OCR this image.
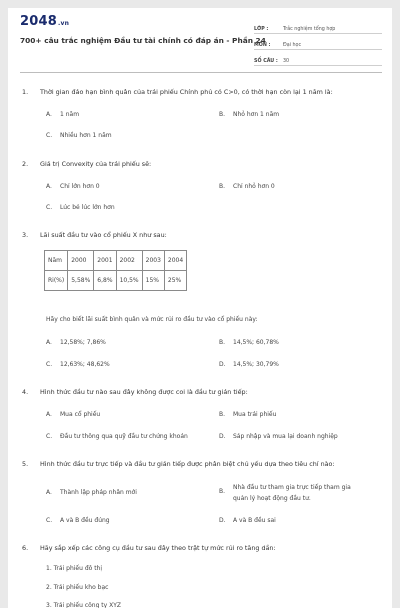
2048.vn
700+ câu trắc nghiệm Đầu tư tài chính có đáp án - Phần 24
LỚP :	Trắc nghiệm tổng hợp
MÔN :	Đại học
SỐ CÂU :	30
1. Thời gian đáo hạn bình quân của trái phiếu Chính phủ có C>0, có thời hạn còn lại 1 năm là:
A. 1 năm	B. Nhỏ hơn 1 năm
C. Nhiều hơn 1 năm
2. Giá trị Convexity của trái phiếu sẽ:
A. Chỉ lớn hơn 0	B. Chỉ nhỏ hơn 0
C. Lúc bé lúc lớn hơn
3. Lãi suất đầu tư vào cổ phiếu X như sau:
Năm	2000	2001	2002	2003	2004
Ri(%)	5,58%	6,8%	10,5%	15%	25%
Hãy cho biết lãi suất bình quân và mức rủi ro đầu tư vào cổ phiếu này:
A. 12,58%; 7,86%	B. 14,5%; 60,78%
C. 12,63%; 48,62%	D. 14,5%; 30,79%
4. Hình thức đầu tư nào sau đây không được coi là đầu tư gián tiếp:
A. Mua cổ phiếu	B. Mua trái phiếu
C. Đầu tư thông qua quỹ đầu tư chứng khoán	D. Sáp nhập và mua lại doanh nghiệp
5. Hình thức đầu tư trực tiếp và đầu tư gián tiếp được phân biệt chủ yếu dựa theo tiêu chí nào:
A. Thành lập pháp nhân mới	B.
Nhà đầu tư tham gia trực tiếp tham gia quản lý hoạt động đầu tư.
C. A và B đều đúng	D. A và B đều sai
6. Hãy sắp xếp các công cụ đầu tư sau đây theo trật tự mức rủi ro tăng dần:
1. Trái phiếu đô thị
2. Trái phiếu kho bạc
3. Trái phiếu công ty XYZ
